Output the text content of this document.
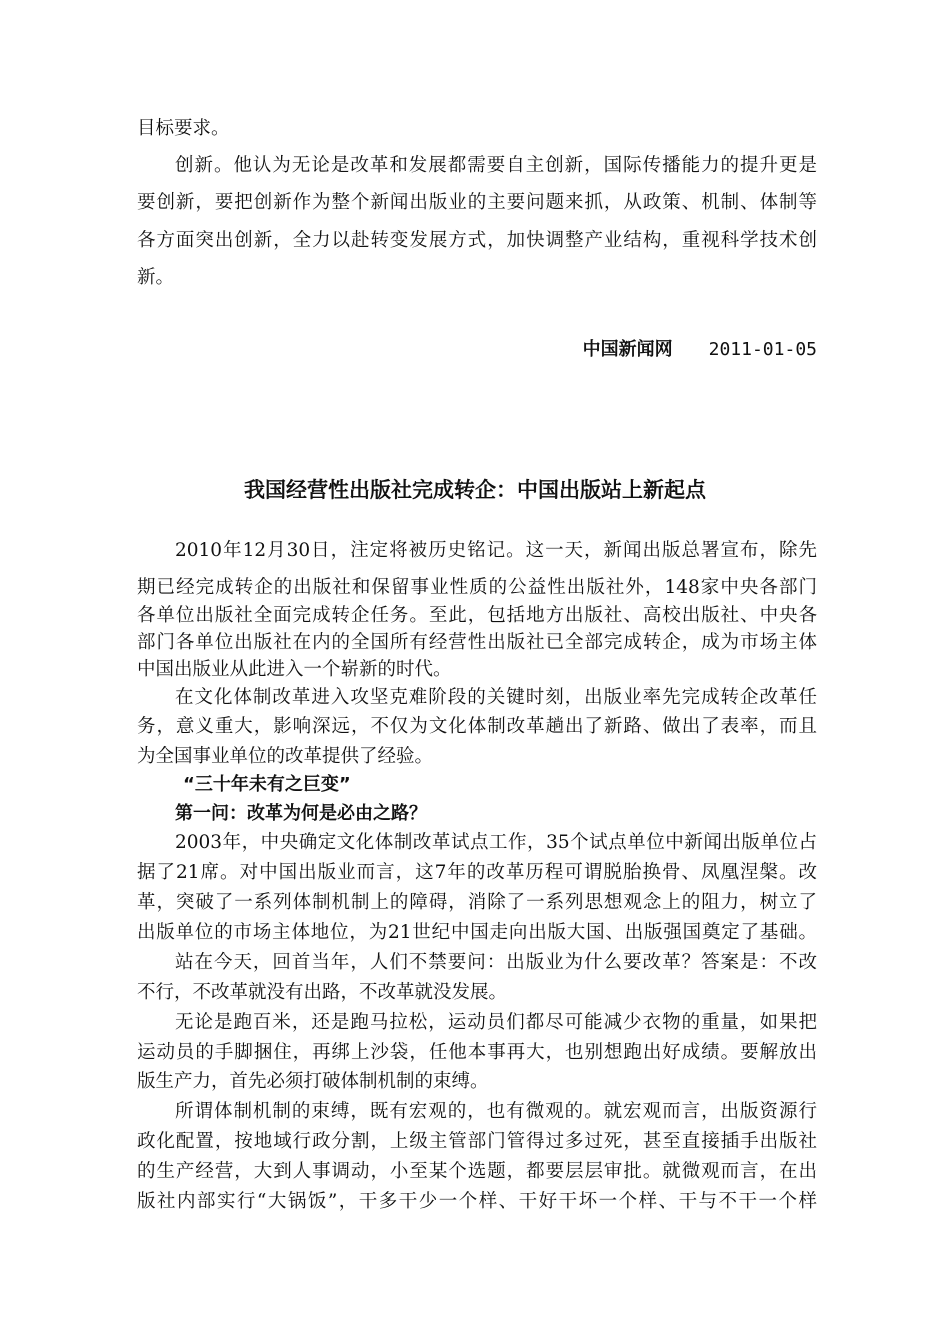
目标要求。
创新。他认为无论是改革和发展都需要自主创新，国际传播能力的提升更是
要创新，要把创新作为整个新闻出版业的主要问题来抓，从政策、机制、体制等
各方面突出创新，全力以赴转变发展方式，加快调整产业结构，重视科学技术创
新。
中国新闻网 2011-01-05
我国经营性出版社完成转企：中国出版站上新起点
2010年12月30日，注定将被历史铭记。这一天，新闻出版总署宣布，除先
期已经完成转企的出版社和保留事业性质的公益性出版社外，148家中央各部门
各单位出版社全面完成转企任务。至此，包括地方出版社、高校出版社、中央各
部门各单位出版社在内的全国所有经营性出版社已全部完成转企，成为市场主体
中国出版业从此进入一个崭新的时代。
在文化体制改革进入攻坚克难阶段的关键时刻，出版业率先完成转企改革任
务，意义重大，影响深远，不仅为文化体制改革趟出了新路、做出了表率，而且
为全国事业单位的改革提供了经验。
“三十年未有之巨变”
第一问：改革为何是必由之路？
2003年，中央确定文化体制改革试点工作，35个试点单位中新闻出版单位占
据了21席。对中国出版业而言，这7年的改革历程可谓脱胎换骨、凤凰涅槃。改
革，突破了一系列体制机制上的障碍，消除了一系列思想观念上的阻力，树立了
出版单位的市场主体地位，为21世纪中国走向出版大国、出版强国奠定了基础。
站在今天，回首当年，人们不禁要问：出版业为什么要改革？答案是：不改
不行，不改革就没有出路，不改革就没发展。
无论是跑百米，还是跑马拉松，运动员们都尽可能减少衣物的重量，如果把
运动员的手脚捆住，再绑上沙袋，任他本事再大，也别想跑出好成绩。要解放出
版生产力，首先必须打破体制机制的束缚。
所谓体制机制的束缚，既有宏观的，也有微观的。就宏观而言，出版资源行
政化配置，按地域行政分割，上级主管部门管得过多过死，甚至直接插手出版社
的生产经营，大到人事调动，小至某个选题，都要层层审批。就微观而言，在出
版社内部实行“大锅饭”，干多干少一个样、干好干坏一个样、干与不干一个样
